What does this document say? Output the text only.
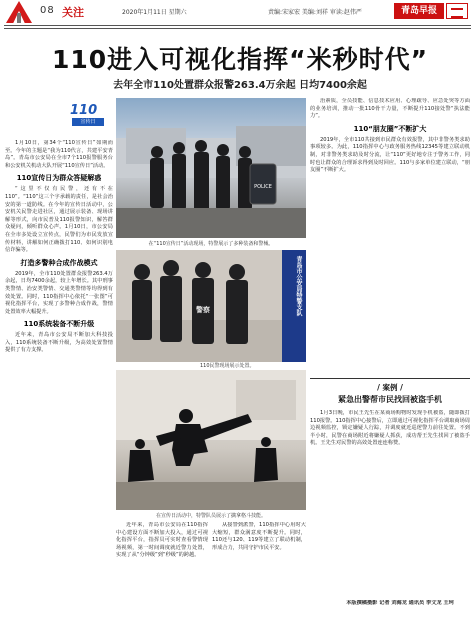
08 关注	2020年1月11日 星期六	责编:宋家宏 美编:刘祥 审读:赵伟严	青岛早报
110进入可视化指挥“米秒时代”
去年全市110处置群众报警263.4万余起 日均7400余起
110
宣传日

1月10日，第34个“110宣传日”如期而至。今年的主题是“我为110代言，共建平安青岛”。青岛市公安局在全市7个110报警服务台和公安机关机动大队开展“110宣传日”活动。

110宣传日为群众答疑解惑

“这里不仅有民警，还有不在110”。“110”这三个字承载的责任，是社会治安的第一道防线。在今年的宣传日活动中，公安机关民警走进社区，通过展示装备、现场讲解等形式，向市民普及110报警知识，解答群众疑问，倾听群众心声。1月10日，市公安局在全市多处设立宣传点，民警们为市民发放宣传材料，讲解如何正确拨打110、如何识别电信诈骗等。

打造多警种合成作战模式

2019年，全市110处置群众报警263.4万余起，日均7400余起，较上年增长。其中刑事类警情、治安类警情、交通类警情等均得到有效处置。同时，110指挥中心依托“一张图”可视化指挥平台，实现了多警种合成作战，警情处置效率大幅提升。

110系统装备不断升级

近年来，青岛市公安局不断加大科技投入，110系统装备不断升级，为高效处置警情提供了有力支撑。

POLICE
在“110宣传日”活动现场，特警展示了多种装备和警械。
警察	青岛市公安局特警支队
110民警现场展示处置。
在宣传日活动中，特警队员展示了擒拿格斗技能。

近年来，青岛市公安局在110指挥中心建设方面不断加大投入，通过可视化指挥平台，指挥员可实时查看警情现场视频，第一时间调度就近警力处置，实现了从“分钟级”到“秒级”的跨越。

从接警到派警，110指挥中心用时大大缩短，群众满意度不断提升。同时，110还与120、119等建立了联动机制，形成合力，共同守护市民平安。

治素质，全员技能、信息技术应用、心理疏导、应急处突等方面的业务培训，推动一批110骨干力量，不断提升110接处警“执法能力”。

110“朋友圈”不断扩大

2019年，全市110共接到市民群众有效报警，其中非警务类求助事项较多。为此，110指挥中心与政务服务热线12345等建立联动机制，对非警务类求助及时分流，让“110”更好地专注于警务工作，同时也让群众的合理诉求得到及时回应。110与多家单位建立联动，“朋友圈”不断扩大。

/ 案例 /
紧急出警帮市民找回被盗手机

1月3日晚，市民王先生在某商场购物时发现手机被盗，随即拨打110报警。110指挥中心接警后，立即通过可视化指挥平台调取商场周边视频监控，锁定嫌疑人行踪，并调度就近巡逻警力前往处置。不到半小时，民警在商场附近将嫌疑人抓获，成功帮王先生找回了被盗手机。王先生对民警的高效处置连连称赞。

本版撰稿摄影 记者 刘海龙 通讯员 李文龙 王珂
